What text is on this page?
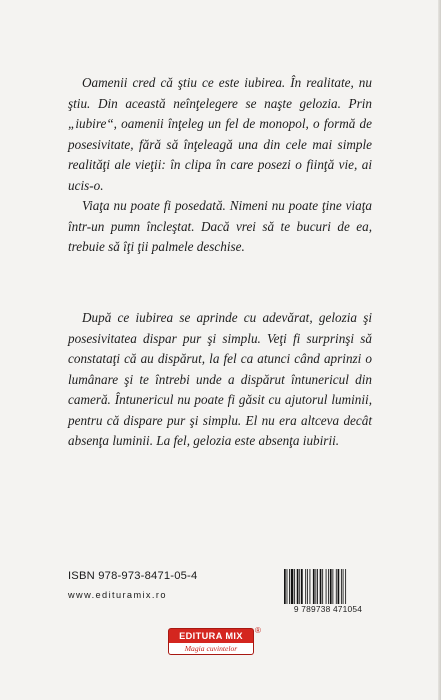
Oamenii cred că ştiu ce este iubirea. În realitate, nu ştiu. Din această neînţelegere se naşte gelozia. Prin „iubire“, oamenii înţeleg un fel de monopol, o formă de posesivitate, fără să înţeleagă una din cele mai simple realităţi ale vieţii: în clipa în care posezi o fiinţă vie, ai ucis-o.

Viaţa nu poate fi posedată. Nimeni nu poate ţine viaţa într-un pumn încleştat. Dacă vrei să te bucuri de ea, trebuie să îţi ţii palmele deschise.

După ce iubirea se aprinde cu adevărat, gelozia şi posesivitatea dispar pur şi simplu. Veţi fi surprinşi să constataţi că au dispărut, la fel ca atunci când aprinzi o lumânare şi te întrebi unde a dispărut întunericul din cameră. Întunericul nu poate fi găsit cu ajutorul luminii, pentru că dispare pur şi simplu. El nu era altceva decât absenţa luminii. La fel, gelozia este absenţa iubirii.

ISBN 978-973-8471-05-4
www.edituramix.ro
9 789738 471054
EDITURA MIX
Magia cuvintelor
®
